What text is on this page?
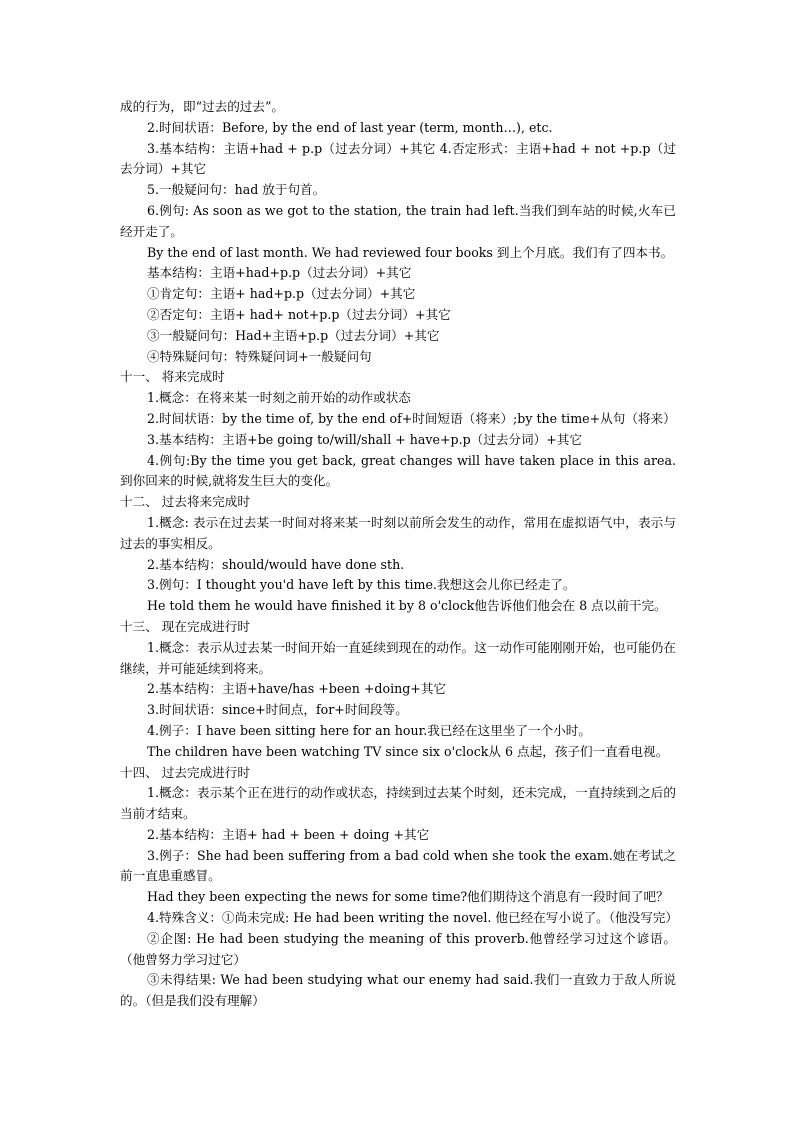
成的行为，即“过去的过去”。

2.时间状语：Before, by the end of last year (term, month…), etc.

3.基本结构：主语+had + p.p（过去分词）+其它 4.否定形式：主语+had + not +p.p（过去分词）+其它

5.一般疑问句：had 放于句首。

6.例句: As soon as we got to the station, the train had left.当我们到车站的时候,火车已经开走了。

By the end of last month. We had reviewed four books 到上个月底。我们有了四本书。

基本结构：主语+had+p.p（过去分词）+其它

①肯定句：主语+ had+p.p（过去分词）+其它

②否定句：主语+ had+ not+p.p（过去分词）+其它

③一般疑问句：Had+主语+p.p（过去分词）+其它

④特殊疑问句：特殊疑问词+一般疑问句

十一、 将来完成时

1.概念：在将来某一时刻之前开始的动作或状态

2.时间状语：by the time of, by the end of+时间短语（将来）;by the time+从句（将来）

3.基本结构：主语+be going to/will/shall + have+p.p（过去分词）+其它

4.例句:By the time you get back, great changes will have taken place in this area.到你回来的时候,就将发生巨大的变化。

十二、 过去将来完成时

1.概念: 表示在过去某一时间对将来某一时刻以前所会发生的动作，常用在虚拟语气中，表示与过去的事实相反。

2.基本结构：should/would have done sth.

3.例句：I thought you'd have left by this time.我想这会儿你已经走了。

He told them he would have finished it by 8 o'clock他告诉他们他会在 8 点以前干完。

十三、 现在完成进行时

1.概念：表示从过去某一时间开始一直延续到现在的动作。这一动作可能刚刚开始，也可能仍在继续，并可能延续到将来。

2.基本结构：主语+have/has +been +doing+其它

3.时间状语：since+时间点，for+时间段等。

4.例子：I have been sitting here for an hour.我已经在这里坐了一个小时。

The children have been watching TV since six o'clock从 6 点起，孩子们一直看电视。

十四、 过去完成进行时

1.概念：表示某个正在进行的动作或状态，持续到过去某个时刻，还未完成，一直持续到之后的当前才结束。

2.基本结构：主语+ had + been + doing +其它

3.例子：She had been suffering from a bad cold when she took the exam.她在考试之前一直患重感冒。

Had they been expecting the news for some time?他们期待这个消息有一段时间了吧？

4.特殊含义：①尚未完成: He had been writing the novel. 他已经在写小说了。（他没写完）

②企图: He had been studying the meaning of this proverb.他曾经学习过这个谚语。（他曾努力学习过它）

③未得结果: We had been studying what our enemy had said.我们一直致力于敌人所说的。（但是我们没有理解）
